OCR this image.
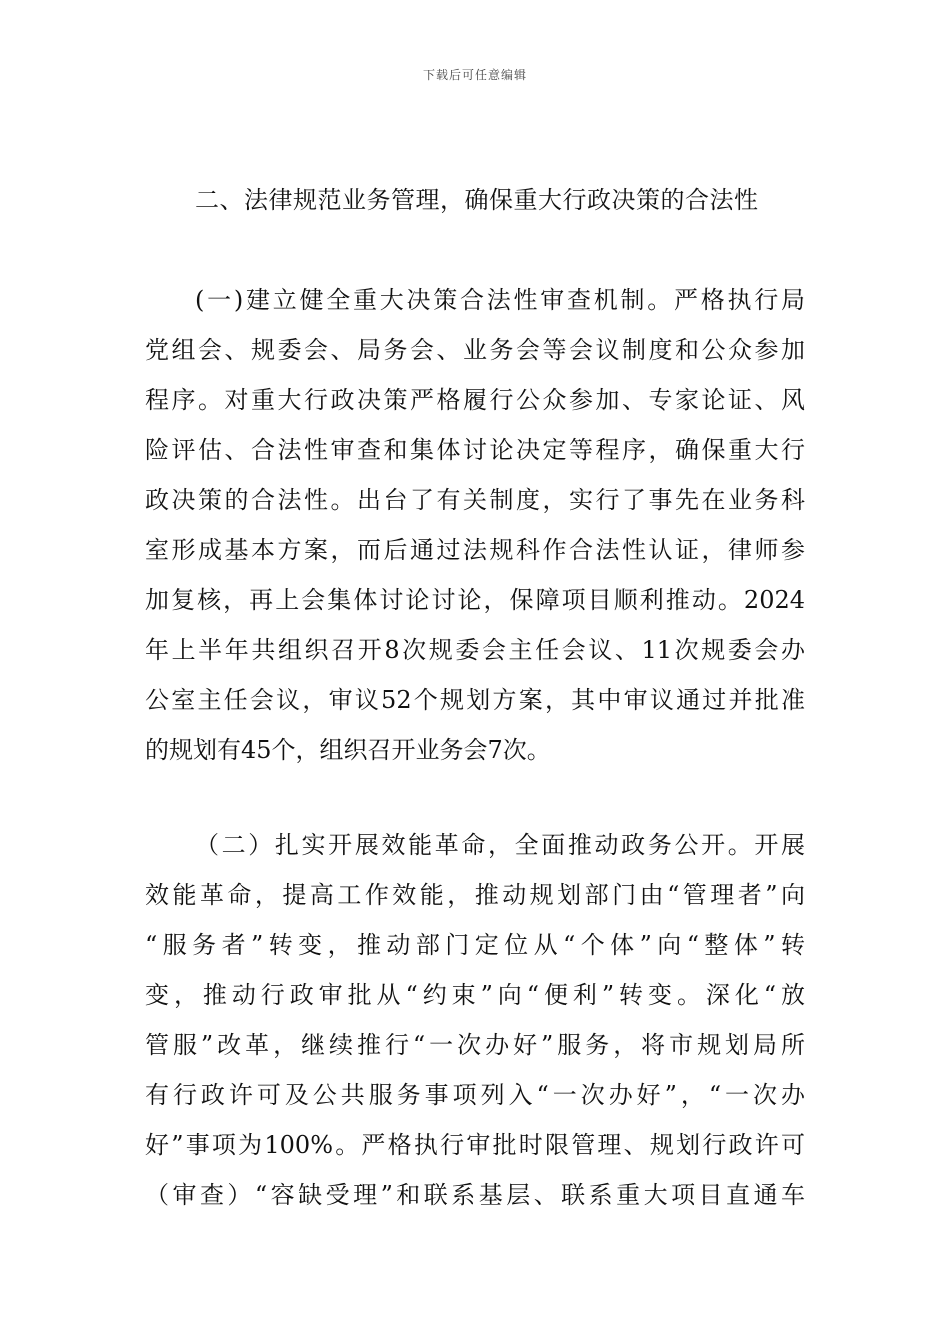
下载后可任意编辑
二、法律规范业务管理，确保重大行政决策的合法性
(一)建立健全重大决策合法性审查机制。严格执行局
党组会、规委会、局务会、业务会等会议制度和公众参加
程序。对重大行政决策严格履行公众参加、专家论证、风
险评估、合法性审查和集体讨论决定等程序，确保重大行
政决策的合法性。出台了有关制度，实行了事先在业务科
室形成基本方案，而后通过法规科作合法性认证，律师参
加复核，再上会集体讨论讨论，保障项目顺利推动。2024
年上半年共组织召开8次规委会主任会议、11次规委会办
公室主任会议，审议52个规划方案，其中审议通过并批准
的规划有45个，组织召开业务会7次。
（二）扎实开展效能革命，全面推动政务公开。开展
效能革命，提高工作效能，推动规划部门由“管理者”向
“服务者”转变，推动部门定位从“个体”向“整体”转
变，推动行政审批从“约束”向“便利”转变。深化“放
管服”改革，继续推行“一次办好”服务，将市规划局所
有行政许可及公共服务事项列入“一次办好”，“一次办
好”事项为100%。严格执行审批时限管理、规划行政许可
（审查）“容缺受理”和联系基层、联系重大项目直通车
